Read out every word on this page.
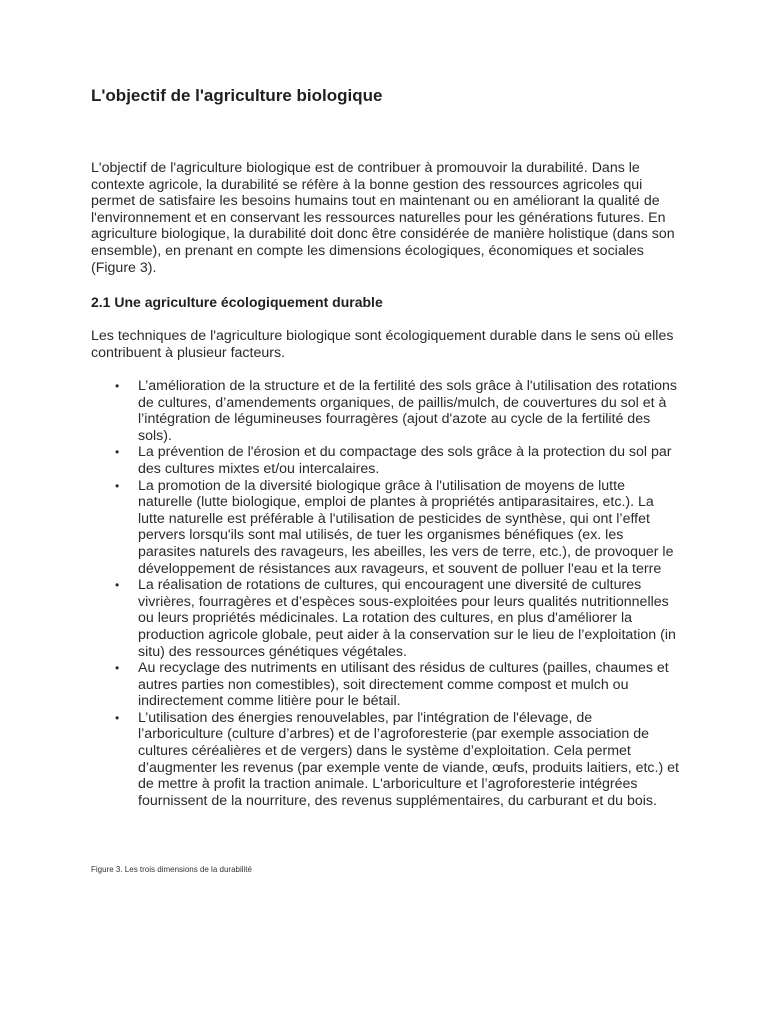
L'objectif de l'agriculture biologique

L'objectif de l'agriculture biologique est de contribuer à promouvoir la durabilité. Dans le contexte agricole, la durabilité se réfère à la bonne gestion des ressources agricoles qui permet de satisfaire les besoins humains tout en maintenant ou en améliorant la qualité de l'environnement et en conservant les ressources naturelles pour les générations futures. En agriculture biologique, la durabilité doit donc être considérée de manière holistique (dans son ensemble), en prenant en compte les dimensions écologiques, économiques et sociales (Figure 3).

2.1 Une agriculture écologiquement durable

Les techniques de l'agriculture biologique sont écologiquement durable dans le sens où elles contribuent à plusieur facteurs.

• L’amélioration de la structure et de la fertilité des sols grâce à l'utilisation des rotations de cultures, d’amendements organiques, de paillis/mulch, de couvertures du sol et à l’intégration de légumineuses fourragères (ajout d'azote au cycle de la fertilité des sols).
• La prévention de l'érosion et du compactage des sols grâce à la protection du sol par des cultures mixtes et/ou intercalaires.
• La promotion de la diversité biologique grâce à l'utilisation de moyens de lutte naturelle (lutte biologique, emploi de plantes à propriétés antiparasitaires, etc.). La lutte naturelle est préférable à l'utilisation de pesticides de synthèse, qui ont l’effet pervers lorsqu'ils sont mal utilisés, de tuer les organismes bénéfiques (ex. les parasites naturels des ravageurs, les abeilles, les vers de terre, etc.), de provoquer le développement de résistances aux ravageurs, et souvent de polluer l'eau et la terre
• La réalisation de rotations de cultures, qui encouragent une diversité de cultures vivrières, fourragères et d’espèces sous-exploitées pour leurs qualités nutritionnelles ou leurs propriétés médicinales. La rotation des cultures, en plus d'améliorer la production agricole globale, peut aider à la conservation sur le lieu de l’exploitation (in situ) des ressources génétiques végétales.
• Au recyclage des nutriments en utilisant des résidus de cultures (pailles, chaumes et autres parties non comestibles), soit directement comme compost et mulch ou indirectement comme litière pour le bétail.
• L’utilisation des énergies renouvelables, par l'intégration de l'élevage, de l’arboriculture (culture d’arbres) et de l’agroforesterie (par exemple association de cultures céréalières et de vergers) dans le système d’exploitation. Cela permet d’augmenter les revenus (par exemple vente de viande, œufs, produits laitiers, etc.) et de mettre à profit la traction animale. L'arboriculture et l’agroforesterie intégrées fournissent de la nourriture, des revenus supplémentaires, du carburant et du bois.

Figure 3. Les trois dimensions de la durabilité
